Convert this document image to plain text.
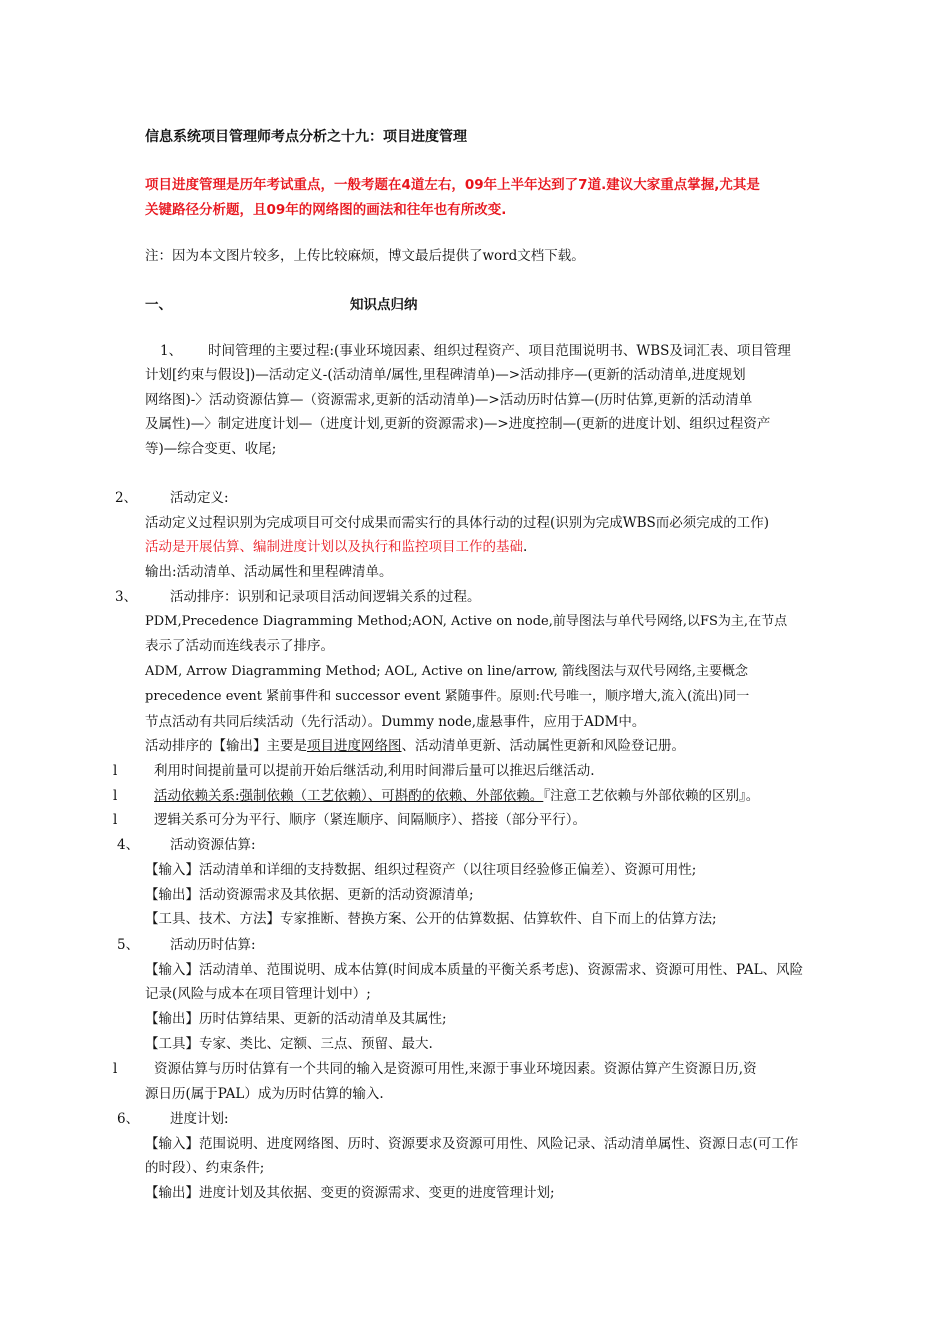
信息系统项目管理师考点分析之十九：项目进度管理
项目进度管理是历年考试重点，一般考题在4道左右，09年上半年达到了7道.建议大家重点掌握,尤其是
关键路径分析题，且09年的网络图的画法和往年也有所改变.
注：因为本文图片较多，上传比较麻烦，博文最后提供了word文档下载。
一、	知识点归纳
1、 时间管理的主要过程:(事业环境因素、组织过程资产、项目范围说明书、WBS及词汇表、项目管理
计划[约束与假设])—活动定义-(活动清单/属性,里程碑清单)—>活动排序—(更新的活动清单,进度规划
网络图)-〉活动资源估算—（资源需求,更新的活动清单)—>活动历时估算—(历时估算,更新的活动清单
及属性)—〉制定进度计划—（进度计划,更新的资源需求)—>进度控制—(更新的进度计划、组织过程资产
等)—综合变更、收尾;
2、 活动定义:
活动定义过程识别为完成项目可交付成果而需实行的具体行动的过程(识别为完成WBS而必须完成的工作)
活动是开展估算、编制进度计划以及执行和监控项目工作的基础.
输出:活动清单、活动属性和里程碑清单。
3、 活动排序：识别和记录项目活动间逻辑关系的过程。
PDM,Precedence Diagramming Method;AON, Active on node,前导图法与单代号网络,以FS为主,在节点
表示了活动而连线表示了排序。
ADM, Arrow Diagramming Method; AOL, Active on line/arrow, 箭线图法与双代号网络,主要概念
precedence event 紧前事件和 successor event 紧随事件。原则:代号唯一，顺序增大,流入(流出)同一
节点活动有共同后续活动（先行活动）。Dummy node,虚悬事件，应用于ADM中。
活动排序的【输出】主要是项目进度网络图、活动清单更新、活动属性更新和风险登记册。
l	利用时间提前量可以提前开始后继活动,利用时间滞后量可以推迟后继活动.
l	活动依赖关系:强制依赖（工艺依赖）、可斟酌的依赖、外部依赖。『注意工艺依赖与外部依赖的区别』。
l	逻辑关系可分为平行、顺序（紧连顺序、间隔顺序）、搭接（部分平行）。
4、 活动资源估算:
【输入】活动清单和详细的支持数据、组织过程资产（以往项目经验修正偏差）、资源可用性;
【输出】活动资源需求及其依据、更新的活动资源清单;
【工具、技术、方法】专家推断、替换方案、公开的估算数据、估算软件、自下而上的估算方法;
5、 活动历时估算:
【输入】活动清单、范围说明、成本估算(时间成本质量的平衡关系考虑)、资源需求、资源可用性、PAL、风险
记录(风险与成本在项目管理计划中）;
【输出】历时估算结果、更新的活动清单及其属性;
【工具】专家、类比、定额、三点、预留、最大.
l	资源估算与历时估算有一个共同的输入是资源可用性,来源于事业环境因素。资源估算产生资源日历,资
源日历(属于PAL）成为历时估算的输入.
6、 进度计划:
【输入】范围说明、进度网络图、历时、资源要求及资源可用性、风险记录、活动清单属性、资源日志(可工作
的时段）、约束条件;
【输出】进度计划及其依据、变更的资源需求、变更的进度管理计划;
